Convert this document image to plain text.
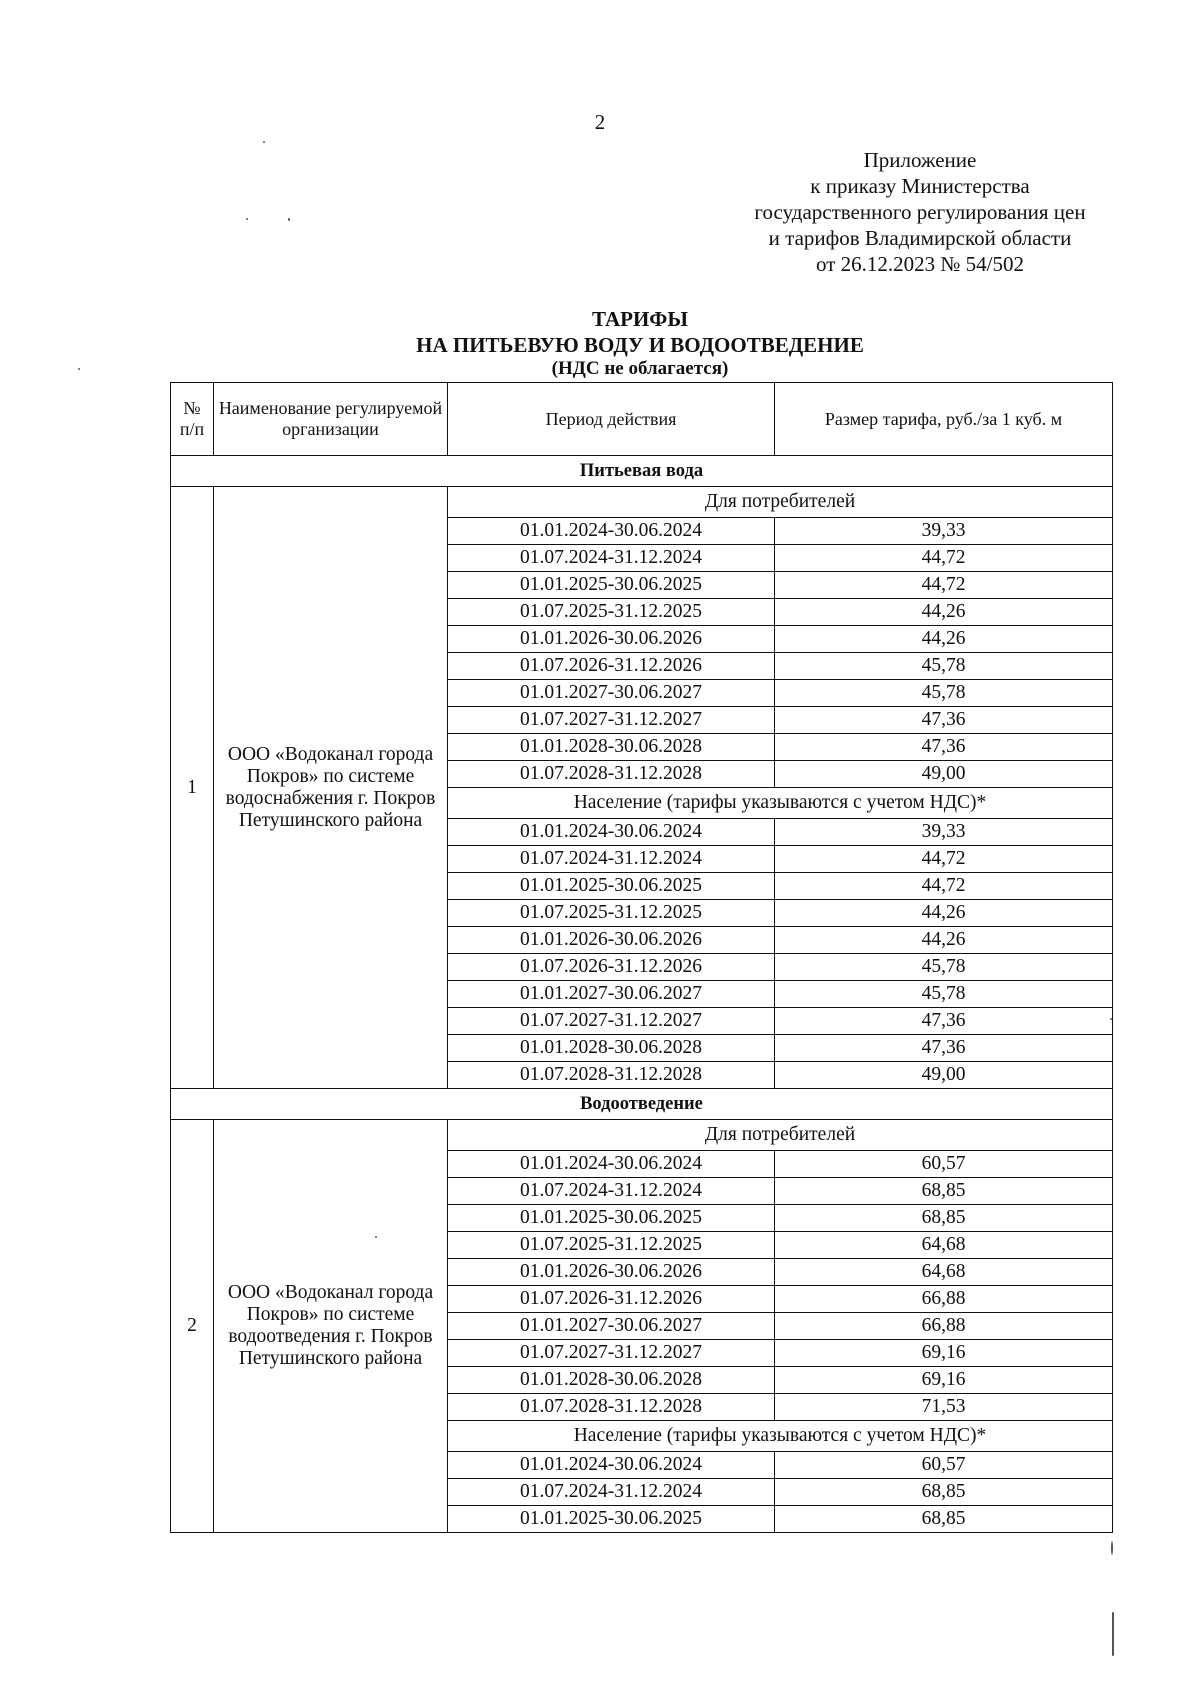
2
Приложение
к приказу Министерства
государственного регулирования цен
и тарифов Владимирской области
от 26.12.2023 № 54/502
ТАРИФЫ
НА ПИТЬЕВУЮ ВОДУ И ВОДООТВЕДЕНИЕ
(НДС не облагается)
№ п/п	Наименование регулируемой организации	Период действия	Размер тарифа, руб./за 1 куб. м
Питьевая вода			
1	ООО «Водоканал города Покров» по системе водоснабжения г. Покров Петушинского района	Для потребителей	
		01.01.2024-30.06.2024	39,33
		01.07.2024-31.12.2024	44,72
		01.01.2025-30.06.2025	44,72
		01.07.2025-31.12.2025	44,26
		01.01.2026-30.06.2026	44,26
		01.07.2026-31.12.2026	45,78
		01.01.2027-30.06.2027	45,78
		01.07.2027-31.12.2027	47,36
		01.01.2028-30.06.2028	47,36
		01.07.2028-31.12.2028	49,00
		Население (тарифы указываются с учетом НДС)*	
		01.01.2024-30.06.2024	39,33
		01.07.2024-31.12.2024	44,72
		01.01.2025-30.06.2025	44,72
		01.07.2025-31.12.2025	44,26
		01.01.2026-30.06.2026	44,26
		01.07.2026-31.12.2026	45,78
		01.01.2027-30.06.2027	45,78
		01.07.2027-31.12.2027	47,36
		01.01.2028-30.06.2028	47,36
		01.07.2028-31.12.2028	49,00
Водоотведение			
2	ООО «Водоканал города Покров» по системе водоотведения г. Покров Петушинского района	Для потребителей	
		01.01.2024-30.06.2024	60,57
		01.07.2024-31.12.2024	68,85
		01.01.2025-30.06.2025	68,85
		01.07.2025-31.12.2025	64,68
		01.01.2026-30.06.2026	64,68
		01.07.2026-31.12.2026	66,88
		01.01.2027-30.06.2027	66,88
		01.07.2027-31.12.2027	69,16
		01.01.2028-30.06.2028	69,16
		01.07.2028-31.12.2028	71,53
		Население (тарифы указываются с учетом НДС)*	
		01.01.2024-30.06.2024	60,57
		01.07.2024-31.12.2024	68,85
		01.01.2025-30.06.2025	68,85
